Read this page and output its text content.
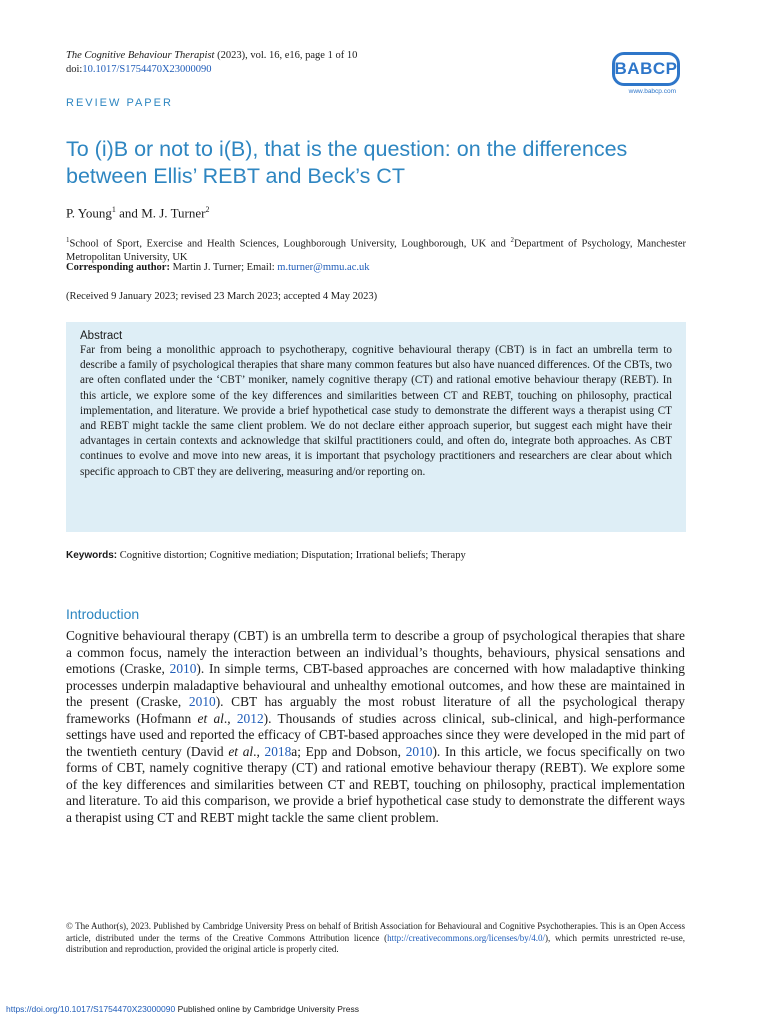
The Cognitive Behaviour Therapist (2023), vol. 16, e16, page 1 of 10
doi:10.1017/S1754470X23000090	BABCP
www.babcp.com
REVIEW PAPER
To (i)B or not to i(B), that is the question: on the differences between Ellis’ REBT and Beck’s CT
P. Young$^1$ and M. J. Turner$^2$
$^1$School of Sport, Exercise and Health Sciences, Loughborough University, Loughborough, UK and $^2$Department of Psychology, Manchester Metropolitan University, UK
Corresponding author: Martin J. Turner; Email: m.turner@mmu.ac.uk
(Received 9 January 2023; revised 23 March 2023; accepted 4 May 2023)
Abstract

Far from being a monolithic approach to psychotherapy, cognitive behavioural therapy (CBT) is in fact an umbrella term to describe a family of psychological therapies that share many common features but also have nuanced differences. Of the CBTs, two are often conflated under the ‘CBT’ moniker, namely cognitive therapy (CT) and rational emotive behaviour therapy (REBT). In this article, we explore some of the key differences and similarities between CT and REBT, touching on philosophy, practical implementation, and literature. We provide a brief hypothetical case study to demonstrate the different ways a therapist using CT and REBT might tackle the same client problem. We do not declare either approach superior, but suggest each might have their advantages in certain contexts and acknowledge that skilful practitioners could, and often do, integrate both approaches. As CBT continues to evolve and move into new areas, it is important that psychology practitioners and researchers are clear about which specific approach to CBT they are delivering, measuring and/or reporting on.

Keywords: Cognitive distortion; Cognitive mediation; Disputation; Irrational beliefs; Therapy
Introduction

Cognitive behavioural therapy (CBT) is an umbrella term to describe a group of psychological therapies that share a common focus, namely the interaction between an individual’s thoughts, behaviours, physical sensations and emotions (Craske, 2010). In simple terms, CBT-based approaches are concerned with how maladaptive thinking processes underpin maladaptive behavioural and unhealthy emotional outcomes, and how these are maintained in the present (Craske, 2010). CBT has arguably the most robust literature of all the psychological therapy frameworks (Hofmann et al., 2012). Thousands of studies across clinical, sub-clinical, and high-performance settings have used and reported the efficacy of CBT-based approaches since they were developed in the mid part of the twentieth century (David et al., 2018a; Epp and Dobson, 2010). In this article, we focus specifically on two forms of CBT, namely cognitive therapy (CT) and rational emotive behaviour therapy (REBT). We explore some of the key differences and similarities between CT and REBT, touching on philosophy, practical implementation and literature. To aid this comparison, we provide a brief hypothetical case study to demonstrate the different ways a therapist using CT and REBT might tackle the same client problem.

© The Author(s), 2023. Published by Cambridge University Press on behalf of British Association for Behavioural and Cognitive Psychotherapies. This is an Open Access article, distributed under the terms of the Creative Commons Attribution licence (http://creativecommons.org/licenses/by/4.0/), which permits unrestricted re-use, distribution and reproduction, provided the original article is properly cited.
https://doi.org/10.1017/S1754470X23000090 Published online by Cambridge University Press
